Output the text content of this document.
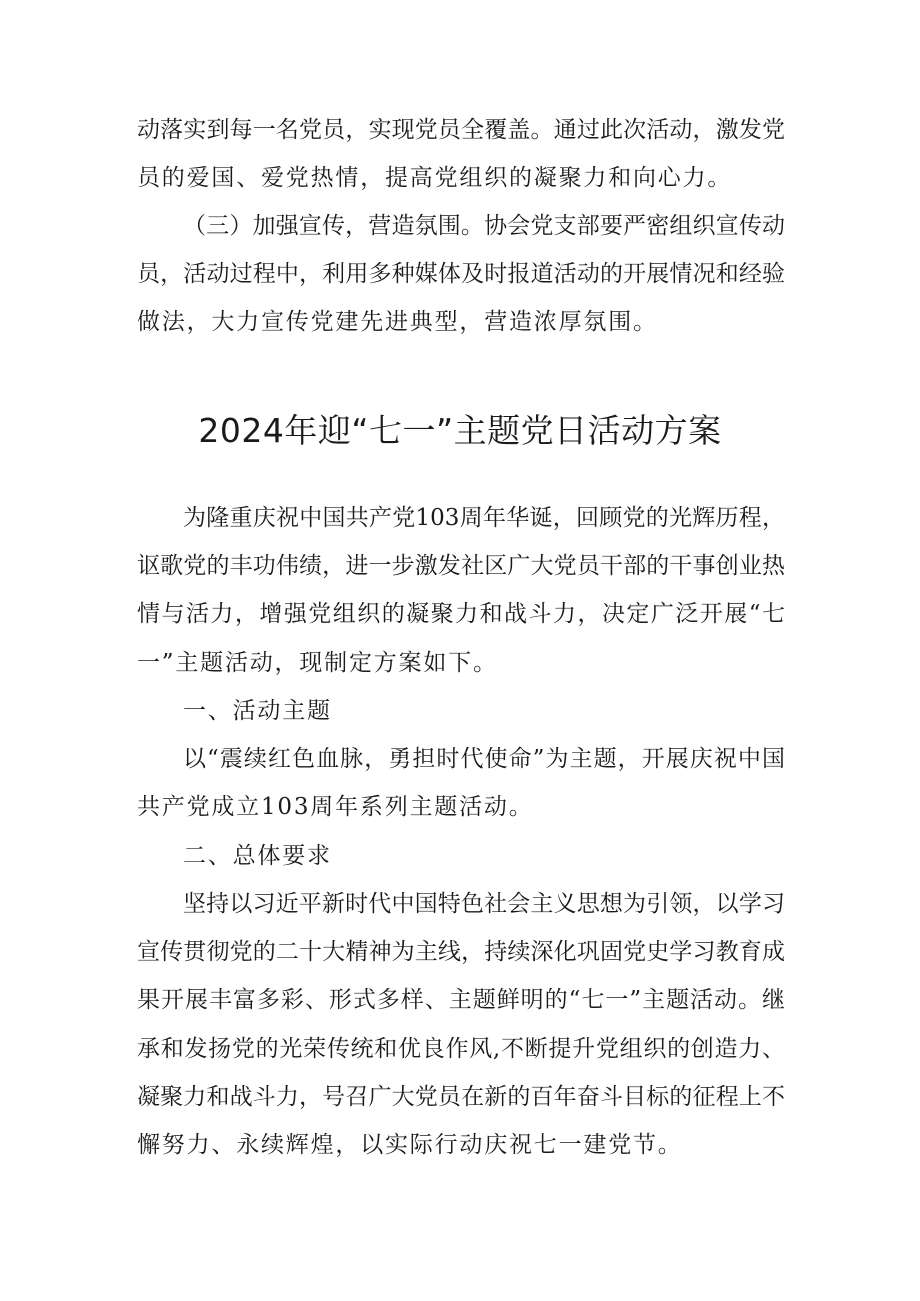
动落实到每一名党员，实现党员全覆盖。通过此次活动，激发党
员的爱国、爱党热情，提高党组织的凝聚力和向心力。
（三）加强宣传，营造氛围。协会党支部要严密组织宣传动
员，活动过程中，利用多种媒体及时报道活动的开展情况和经验
做法，大力宣传党建先进典型，营造浓厚氛围。
2024年迎“七一”主题党日活动方案
为隆重庆祝中国共产党103周年华诞，回顾党的光辉历程，
讴歌党的丰功伟绩，进一步激发社区广大党员干部的干事创业热
情与活力，增强党组织的凝聚力和战斗力，决定广泛开展“七
一”主题活动，现制定方案如下。
一、活动主题
以“震续红色血脉，勇担时代使命”为主题，开展庆祝中国
共产党成立103周年系列主题活动。
二、总体要求
坚持以习近平新时代中国特色社会主义思想为引领，以学习
宣传贯彻党的二十大精神为主线，持续深化巩固党史学习教育成
果开展丰富多彩、形式多样、主题鲜明的“七一”主题活动。继
承和发扬党的光荣传统和优良作风,不断提升党组织的创造力、
凝聚力和战斗力，号召广大党员在新的百年奋斗目标的征程上不
懈努力、永续辉煌，以实际行动庆祝七一建党节。
